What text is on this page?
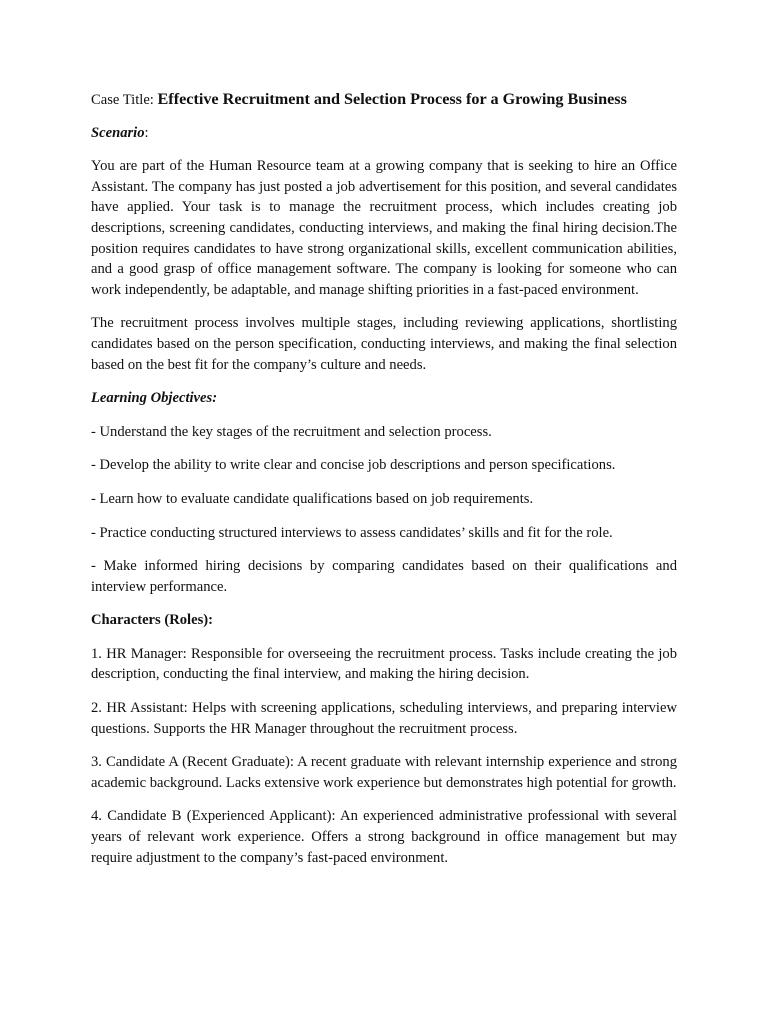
Case Title: Effective Recruitment and Selection Process for a Growing Business

Scenario:

You are part of the Human Resource team at a growing company that is seeking to hire an Office Assistant. The company has just posted a job advertisement for this position, and several candidates have applied. Your task is to manage the recruitment process, which includes creating job descriptions, screening candidates, conducting interviews, and making the final hiring decision.The position requires candidates to have strong organizational skills, excellent communication abilities, and a good grasp of office management software. The company is looking for someone who can work independently, be adaptable, and manage shifting priorities in a fast-paced environment.

The recruitment process involves multiple stages, including reviewing applications, shortlisting candidates based on the person specification, conducting interviews, and making the final selection based on the best fit for the company’s culture and needs.

Learning Objectives:

- Understand the key stages of the recruitment and selection process.

- Develop the ability to write clear and concise job descriptions and person specifications.

- Learn how to evaluate candidate qualifications based on job requirements.

- Practice conducting structured interviews to assess candidates’ skills and fit for the role.

- Make informed hiring decisions by comparing candidates based on their qualifications and interview performance.

Characters (Roles):

1. HR Manager: Responsible for overseeing the recruitment process. Tasks include creating the job description, conducting the final interview, and making the hiring decision.

2. HR Assistant: Helps with screening applications, scheduling interviews, and preparing interview questions. Supports the HR Manager throughout the recruitment process.

3. Candidate A (Recent Graduate): A recent graduate with relevant internship experience and strong academic background. Lacks extensive work experience but demonstrates high potential for growth.

4. Candidate B (Experienced Applicant): An experienced administrative professional with several years of relevant work experience. Offers a strong background in office management but may require adjustment to the company’s fast-paced environment.
